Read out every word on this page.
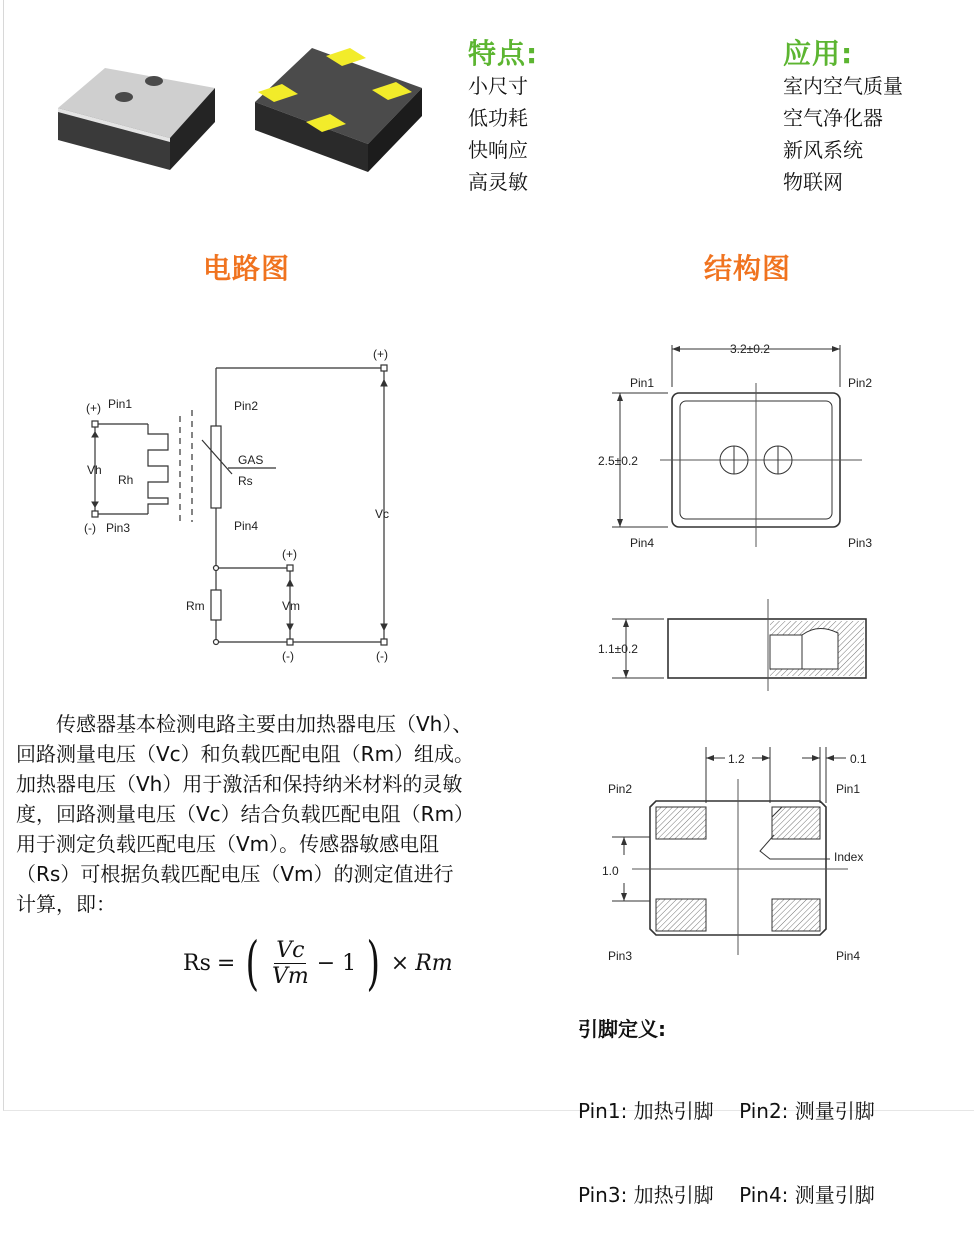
特点:
小尺寸
低功耗
快响应
高灵敏
应用:
室内空气质量
空气净化器
新风系统
物联网
电路图	结构图
(+) Pin1
Vh
Rh
(-) Pin3
Pin2
GAS
Rs
Pin4
(+)
Vc
(-)
(+)
Vm
(-)
Rm
3.2±0.2
2.5±0.2
Pin1	Pin2
Pin4	Pin3
1.1±0.2
1.2	0.1
1.0
Index
Pin2	Pin1
Pin3	Pin4
传感器基本检测电路主要由加热器电压（Vh）、
回路测量电压（Vc）和负载匹配电阻（Rm）组成。
加热器电压（Vh）用于激活和保持纳米材料的灵敏
度，回路测量电压（Vc）结合负载匹配电阻（Rm）
用于测定负载匹配电压（Vm）。传感器敏感电阻
（Rs）可根据负载匹配电压（Vm）的测定值进行
计算，即：
Rs = ( $\frac{Vc}{Vm} - 1$ ) × Rm
引脚定义:

Pin1: 加热引脚    Pin2: 测量引脚

Pin3: 加热引脚    Pin4: 测量引脚
